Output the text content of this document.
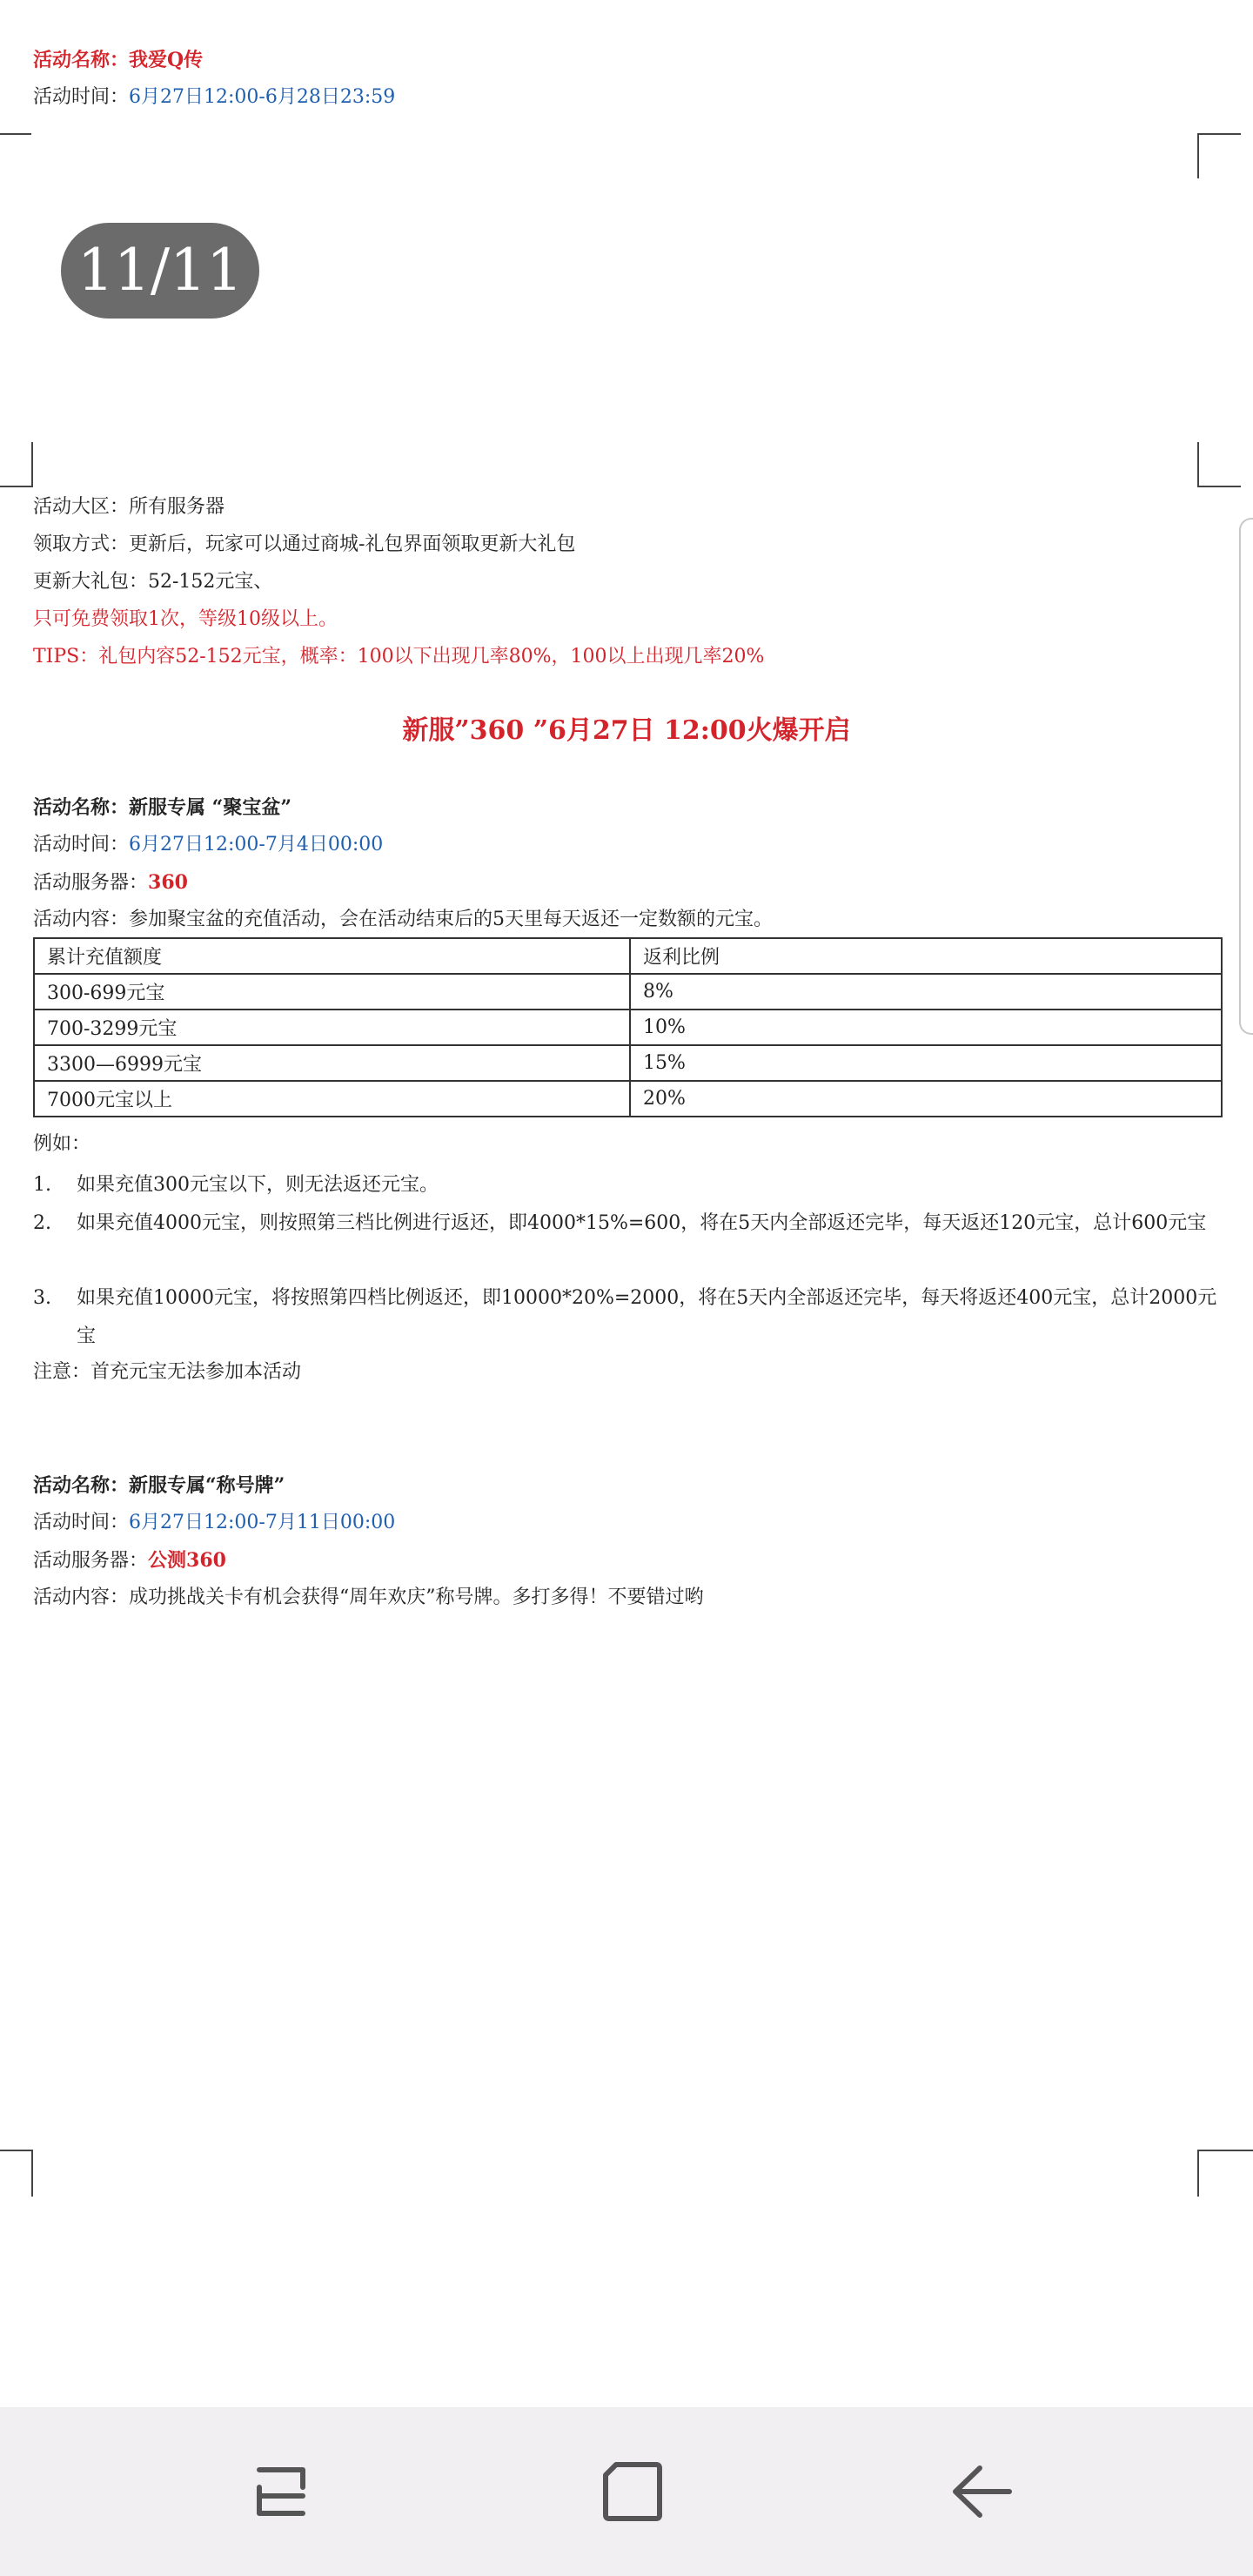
活动名称：我爱Q传
活动时间：6月27日12:00-6月28日23:59
11/11
活动大区：所有服务器
领取方式：更新后，玩家可以通过商城-礼包界面领取更新大礼包
更新大礼包：52-152元宝、
只可免费领取1次，等级10级以上。
TIPS：礼包内容52-152元宝，概率：100以下出现几率80%，100以上出现几率20%
新服”360 ”6月27日 12:00火爆开启
活动名称：新服专属 “聚宝盆”
活动时间：6月27日12:00-7月4日00:00
活动服务器：360
活动内容：参加聚宝盆的充值活动，会在活动结束后的5天里每天返还一定数额的元宝。
累计充值额度	返利比例
300-699元宝	8%
700-3299元宝	10%
3300—6999元宝	15%
7000元宝以上	20%
例如：
1. 如果充值300元宝以下，则无法返还元宝。
2. 如果充值4000元宝，则按照第三档比例进行返还，即4000*15%=600，将在5天内全部返还完毕，每天返还120元宝，总计600元宝
3. 如果充值10000元宝，将按照第四档比例返还，即10000*20%=2000，将在5天内全部返还完毕，每天将返还400元宝，总计2000元宝
注意：首充元宝无法参加本活动
活动名称：新服专属“称号牌”
活动时间：6月27日12:00-7月11日00:00
活动服务器：公测360
活动内容：成功挑战关卡有机会获得“周年欢庆”称号牌。多打多得！不要错过哟
